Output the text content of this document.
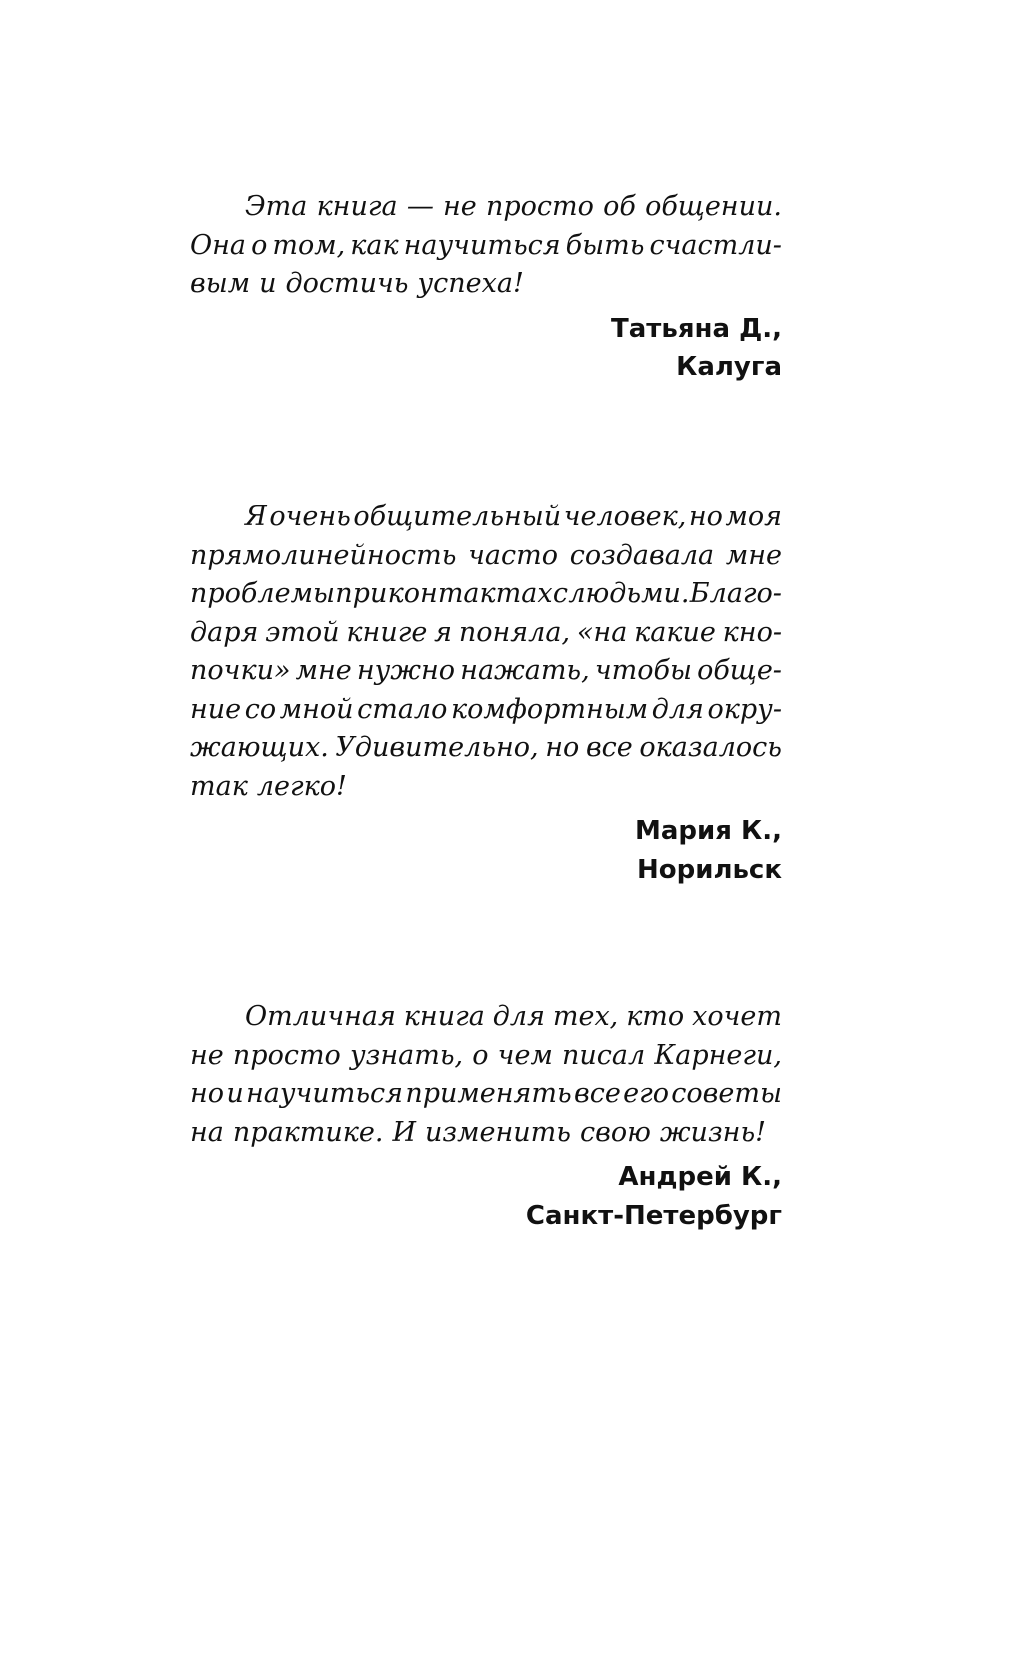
Эта книга — не просто об общении.
Она о том, как научиться быть счастли-
вым и достичь успеха!
Татьяна Д.,
Калуга
Я очень общительный человек, но моя
прямолинейность часто создавала мне
проблемы при контактах с людьми. Благо-
даря этой книге я поняла, «на какие кно-
почки» мне нужно нажать, чтобы обще-
ние со мной стало комфортным для окру-
жающих. Удивительно, но все оказалось
так легко!
Мария К.,
Норильск
Отличная книга для тех, кто хочет
не просто узнать, о чем писал Карнеги,
но и научиться применять все его советы
на практике. И изменить свою жизнь!
Андрей К.,
Санкт-Петербург
